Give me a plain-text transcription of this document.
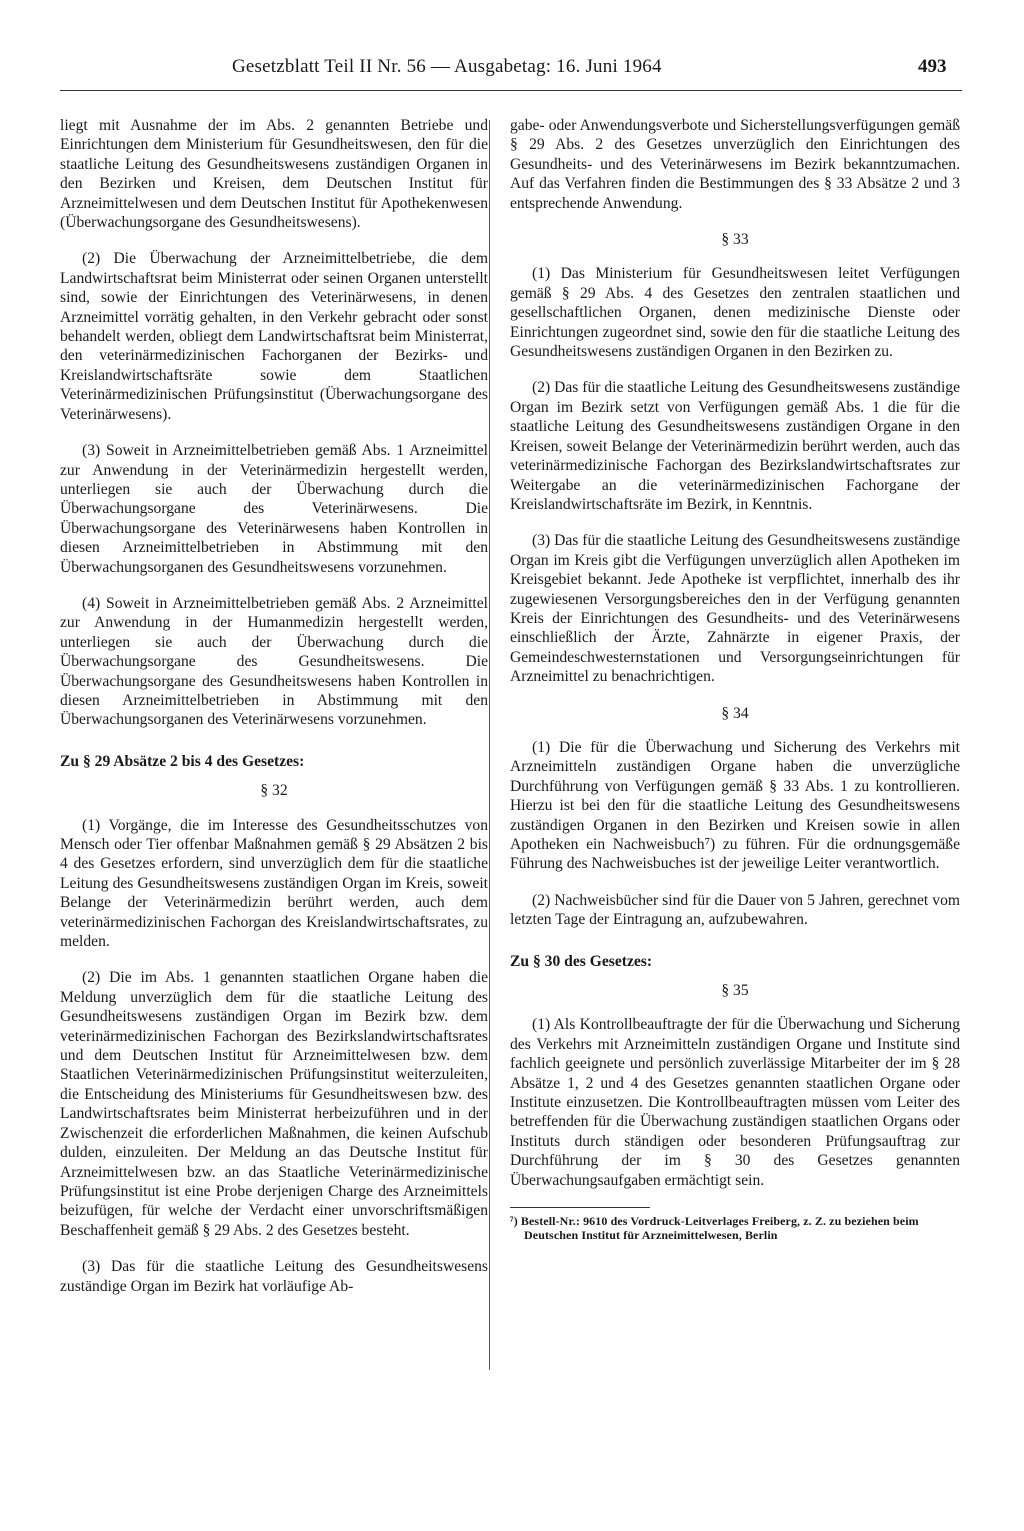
Gesetzblatt Teil II Nr. 56 — Ausgabetag: 16. Juni 1964	493

liegt mit Ausnahme der im Abs. 2 genannten Betriebe und Einrichtungen dem Ministerium für Gesundheitswesen, den für die staatliche Leitung des Gesundheitswesens zuständigen Organen in den Bezirken und Kreisen, dem Deutschen Institut für Arzneimittelwesen und dem Deutschen Institut für Apothekenwesen (Überwachungsorgane des Gesundheitswesens).

(2) Die Überwachung der Arzneimittelbetriebe, die dem Landwirtschaftsrat beim Ministerrat oder seinen Organen unterstellt sind, sowie der Einrichtungen des Veterinärwesens, in denen Arzneimittel vorrätig gehalten, in den Verkehr gebracht oder sonst behandelt werden, obliegt dem Landwirtschaftsrat beim Ministerrat, den veterinärmedizinischen Fachorganen der Bezirks- und Kreislandwirtschaftsräte sowie dem Staatlichen Veterinärmedizinischen Prüfungsinstitut (Überwachungsorgane des Veterinärwesens).

(3) Soweit in Arzneimittelbetrieben gemäß Abs. 1 Arzneimittel zur Anwendung in der Veterinärmedizin hergestellt werden, unterliegen sie auch der Überwachung durch die Überwachungsorgane des Veterinärwesens. Die Überwachungsorgane des Veterinärwesens haben Kontrollen in diesen Arzneimittelbetrieben in Abstimmung mit den Überwachungsorganen des Gesundheitswesens vorzunehmen.

(4) Soweit in Arzneimittelbetrieben gemäß Abs. 2 Arzneimittel zur Anwendung in der Humanmedizin hergestellt werden, unterliegen sie auch der Überwachung durch die Überwachungsorgane des Gesundheitswesens. Die Überwachungsorgane des Gesundheitswesens haben Kontrollen in diesen Arzneimittelbetrieben in Abstimmung mit den Überwachungsorganen des Veterinärwesens vorzunehmen.

Zu § 29 Absätze 2 bis 4 des Gesetzes:
§ 32

(1) Vorgänge, die im Interesse des Gesundheitsschutzes von Mensch oder Tier offenbar Maßnahmen gemäß § 29 Absätzen 2 bis 4 des Gesetzes erfordern, sind unverzüglich dem für die staatliche Leitung des Gesundheitswesens zuständigen Organ im Kreis, soweit Belange der Veterinärmedizin berührt werden, auch dem veterinärmedizinischen Fachorgan des Kreislandwirtschaftsrates, zu melden.

(2) Die im Abs. 1 genannten staatlichen Organe haben die Meldung unverzüglich dem für die staatliche Leitung des Gesundheitswesens zuständigen Organ im Bezirk bzw. dem veterinärmedizinischen Fachorgan des Bezirkslandwirtschaftsrates und dem Deutschen Institut für Arzneimittelwesen bzw. dem Staatlichen Veterinärmedizinischen Prüfungsinstitut weiterzuleiten, die Entscheidung des Ministeriums für Gesundheitswesen bzw. des Landwirtschaftsrates beim Ministerrat herbeizuführen und in der Zwischenzeit die erforderlichen Maßnahmen, die keinen Aufschub dulden, einzuleiten. Der Meldung an das Deutsche Institut für Arzneimittelwesen bzw. an das Staatliche Veterinärmedizinische Prüfungsinstitut ist eine Probe derjenigen Charge des Arzneimittels beizufügen, für welche der Verdacht einer unvorschriftsmäßigen Beschaffenheit gemäß § 29 Abs. 2 des Gesetzes besteht.

(3) Das für die staatliche Leitung des Gesundheitswesens zuständige Organ im Bezirk hat vorläufige Ab-

gabe- oder Anwendungsverbote und Sicherstellungsverfügungen gemäß § 29 Abs. 2 des Gesetzes unverzüglich den Einrichtungen des Gesundheits- und des Veterinärwesens im Bezirk bekanntzumachen. Auf das Verfahren finden die Bestimmungen des § 33 Absätze 2 und 3 entsprechende Anwendung.

§ 33

(1) Das Ministerium für Gesundheitswesen leitet Verfügungen gemäß § 29 Abs. 4 des Gesetzes den zentralen staatlichen und gesellschaftlichen Organen, denen medizinische Dienste oder Einrichtungen zugeordnet sind, sowie den für die staatliche Leitung des Gesundheitswesens zuständigen Organen in den Bezirken zu.

(2) Das für die staatliche Leitung des Gesundheitswesens zuständige Organ im Bezirk setzt von Verfügungen gemäß Abs. 1 die für die staatliche Leitung des Gesundheitswesens zuständigen Organe in den Kreisen, soweit Belange der Veterinärmedizin berührt werden, auch das veterinärmedizinische Fachorgan des Bezirkslandwirtschaftsrates zur Weitergabe an die veterinärmedizinischen Fachorgane der Kreislandwirtschaftsräte im Bezirk, in Kenntnis.

(3) Das für die staatliche Leitung des Gesundheitswesens zuständige Organ im Kreis gibt die Verfügungen unverzüglich allen Apotheken im Kreisgebiet bekannt. Jede Apotheke ist verpflichtet, innerhalb des ihr zugewiesenen Versorgungsbereiches den in der Verfügung genannten Kreis der Einrichtungen des Gesundheits- und des Veterinärwesens einschließlich der Ärzte, Zahnärzte in eigener Praxis, der Gemeindeschwesternstationen und Versorgungseinrichtungen für Arzneimittel zu benachrichtigen.

§ 34

(1) Die für die Überwachung und Sicherung des Verkehrs mit Arzneimitteln zuständigen Organe haben die unverzügliche Durchführung von Verfügungen gemäß § 33 Abs. 1 zu kontrollieren. Hierzu ist bei den für die staatliche Leitung des Gesundheitswesens zuständigen Organen in den Bezirken und Kreisen sowie in allen Apotheken ein Nachweisbuch⁷) zu führen. Für die ordnungsgemäße Führung des Nachweisbuches ist der jeweilige Leiter verantwortlich.

(2) Nachweisbücher sind für die Dauer von 5 Jahren, gerechnet vom letzten Tage der Eintragung an, aufzubewahren.

Zu § 30 des Gesetzes:
§ 35

(1) Als Kontrollbeauftragte der für die Überwachung und Sicherung des Verkehrs mit Arzneimitteln zuständigen Organe und Institute sind fachlich geeignete und persönlich zuverlässige Mitarbeiter der im § 28 Absätze 1, 2 und 4 des Gesetzes genannten staatlichen Organe oder Institute einzusetzen. Die Kontrollbeauftragten müssen vom Leiter des betreffenden für die Überwachung zuständigen staatlichen Organs oder Instituts durch ständigen oder besonderen Prüfungsauftrag zur Durchführung der im § 30 des Gesetzes genannten Überwachungsaufgaben ermächtigt sein.

⁷) Bestell-Nr.: 9610 des Vordruck-Leitverlages Freiberg, z. Z. zu beziehen beim Deutschen Institut für Arzneimittelwesen, Berlin
